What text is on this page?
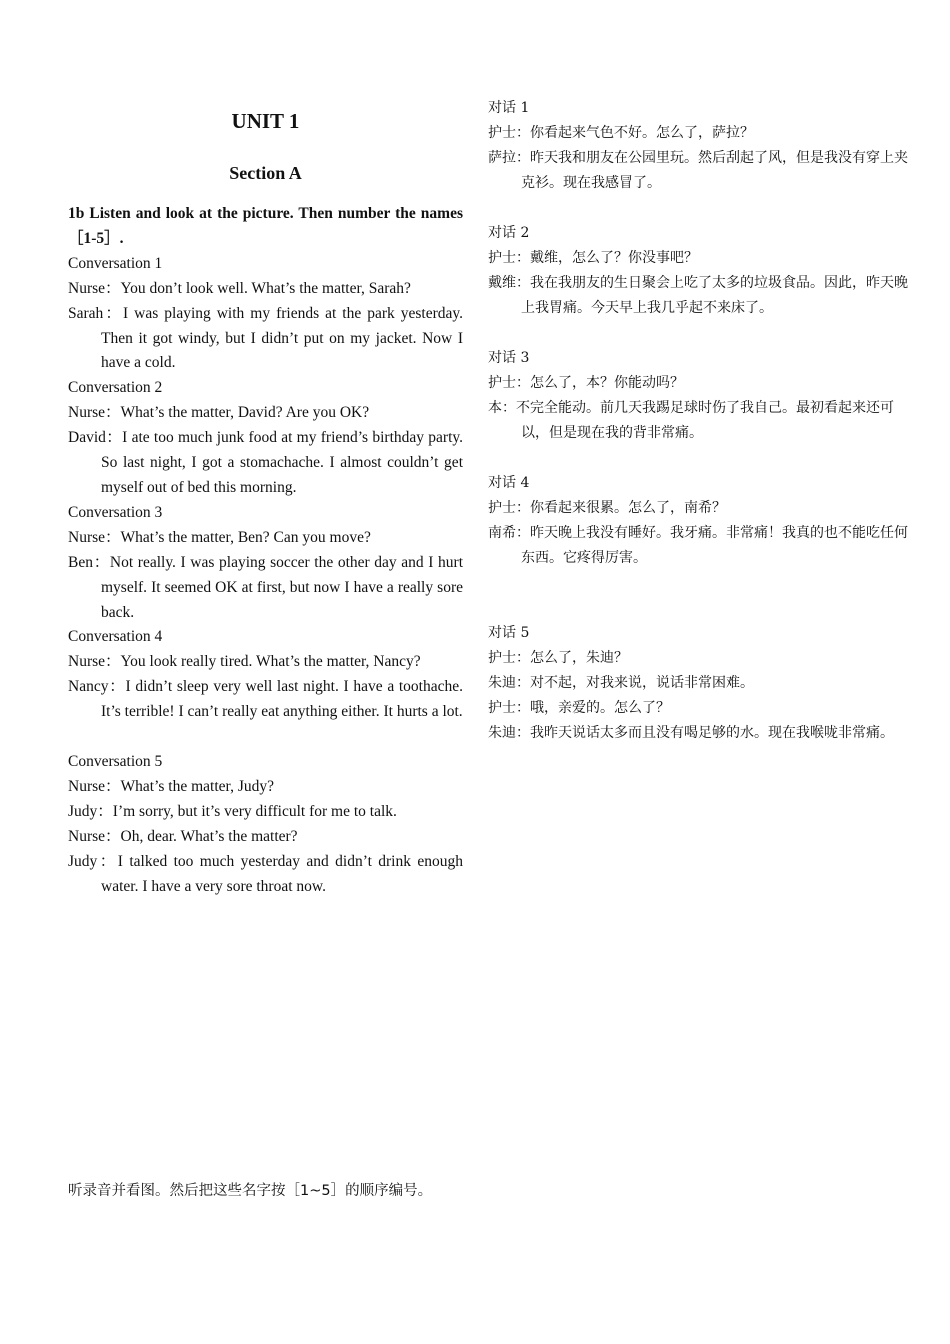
UNIT 1
Section A

1b Listen and look at the picture. Then number the names［1-5］.

Conversation 1

Nurse：You don’t look well. What’s the matter, Sarah?

Sarah：I was playing with my friends at the park yesterday. Then it got windy, but I didn’t put on my jacket. Now I have a cold.

Conversation 2

Nurse：What’s the matter, David? Are you OK?

David：I ate too much junk food at my friend’s birthday party. So last night, I got a stomachache. I almost couldn’t get myself out of bed this morning.

Conversation 3

Nurse：What’s the matter, Ben? Can you move?

Ben：Not really. I was playing soccer the other day and I hurt myself. It seemed OK at first, but now I have a really sore back.

Conversation 4

Nurse：You look really tired. What’s the matter, Nancy?

Nancy：I didn’t sleep very well last night. I have a toothache. It’s terrible! I can’t really eat anything either. It hurts a lot.

Conversation 5

Nurse：What’s the matter, Judy?

Judy：I’m sorry, but it’s very difficult for me to talk.

Nurse：Oh, dear. What’s the matter?

Judy：I talked too much yesterday and didn’t drink enough water. I have a very sore throat now.

对话 1

护士：你看起来气色不好。怎么了，萨拉？

萨拉：昨天我和朋友在公园里玩。然后刮起了风，但是我没有穿上夹克衫。现在我感冒了。

对话 2

护士：戴维，怎么了？你没事吧？

戴维：我在我朋友的生日聚会上吃了太多的垃圾食品。因此，昨天晚上我胃痛。今天早上我几乎起不来床了。

对话 3

护士：怎么了，本？你能动吗？

本：不完全能动。前几天我踢足球时伤了我自己。最初看起来还可以，但是现在我的背非常痛。

对话 4

护士：你看起来很累。怎么了，南希？

南希：昨天晚上我没有睡好。我牙痛。非常痛！我真的也不能吃任何东西。它疼得厉害。

对话 5

护士：怎么了，朱迪？

朱迪：对不起，对我来说，说话非常困难。

护士：哦，亲爱的。怎么了？

朱迪：我昨天说话太多而且没有喝足够的水。现在我喉咙非常痛。

听录音并看图。然后把这些名字按［1~5］的顺序编号。
